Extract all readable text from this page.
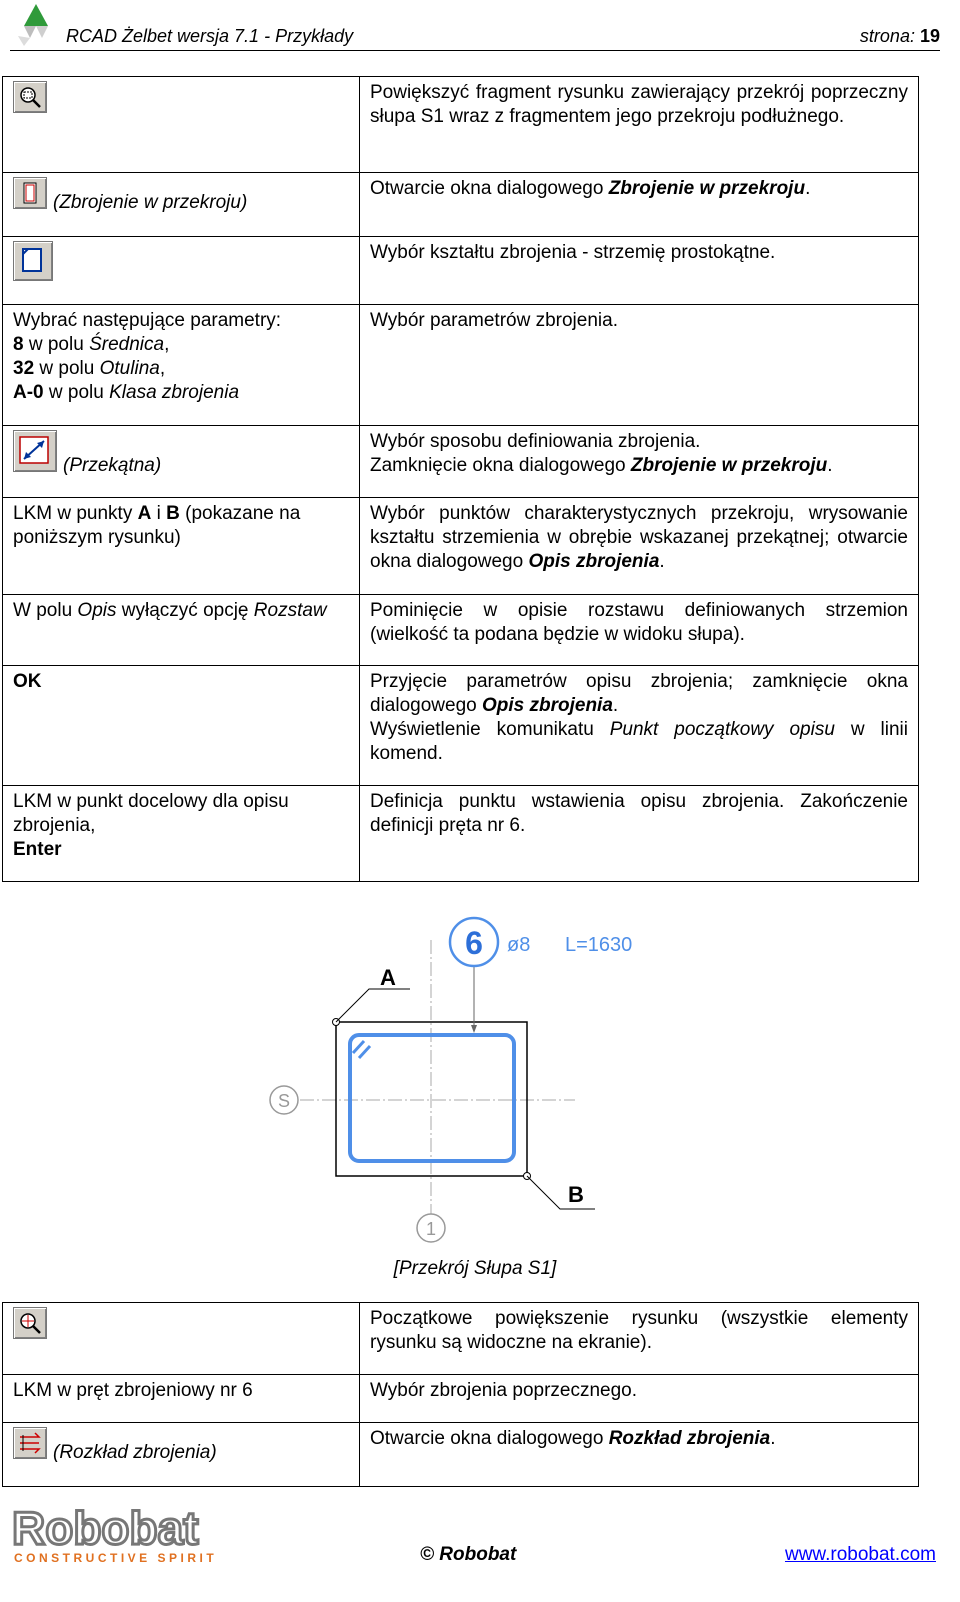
RCAD Żelbet wersja 7.1 - Przykłady	strona: 19
	Powiększyć fragment rysunku zawierający przekrój poprzeczny słupa S1 wraz z fragmentem jego przekroju podłużnego.

(Zbrojenie w przekroju)	Otwarcie okna dialogowego Zbrojenie w przekroju.

	Wybór kształtu zbrojenia - strzemię prostokątne.

Wybrać następujące parametry:
8 w polu Średnica,
32 w polu Otulina,
A-0 w polu Klasa zbrojenia	Wybór parametrów zbrojenia.

(Przekątna)	Wybór sposobu definiowania zbrojenia.
Zamknięcie okna dialogowego Zbrojenie w przekroju.

LKM w punkty A i B (pokazane na poniższym rysunku)	Wybór punktów charakterystycznych przekroju, wrysowanie kształtu strzemienia w obrębie wskazanej przekątnej; otwarcie okna dialogowego Opis zbrojenia.
W polu Opis wyłączyć opcję Rozstaw	Pominięcie w opisie rozstawu definiowanych strzemion (wielkość ta podana będzie w widoku słupa).
OK	Przyjęcie parametrów opisu zbrojenia; zamknięcie okna dialogowego Opis zbrojenia.
Wyświetlenie komunikatu Punkt początkowy opisu w linii komend.

LKM w punkt docelowy dla opisu zbrojenia,
Enter	Definicja punktu wstawienia opisu zbrojenia. Zakończenie definicji pręta nr 6.
S
1
A
B
6 ø8 L=1630
[Przekrój Słupa S1]
	Początkowe powiększenie rysunku (wszystkie elementy rysunku są widoczne na ekranie).
LKM w pręt zbrojeniowy nr 6	Wybór zbrojenia poprzecznego.

(Rozkład zbrojenia)	Otwarcie okna dialogowego Rozkład zbrojenia.
Robobat
CONSTRUCTIVE SPIRIT	© Robobat	www.robobat.com
